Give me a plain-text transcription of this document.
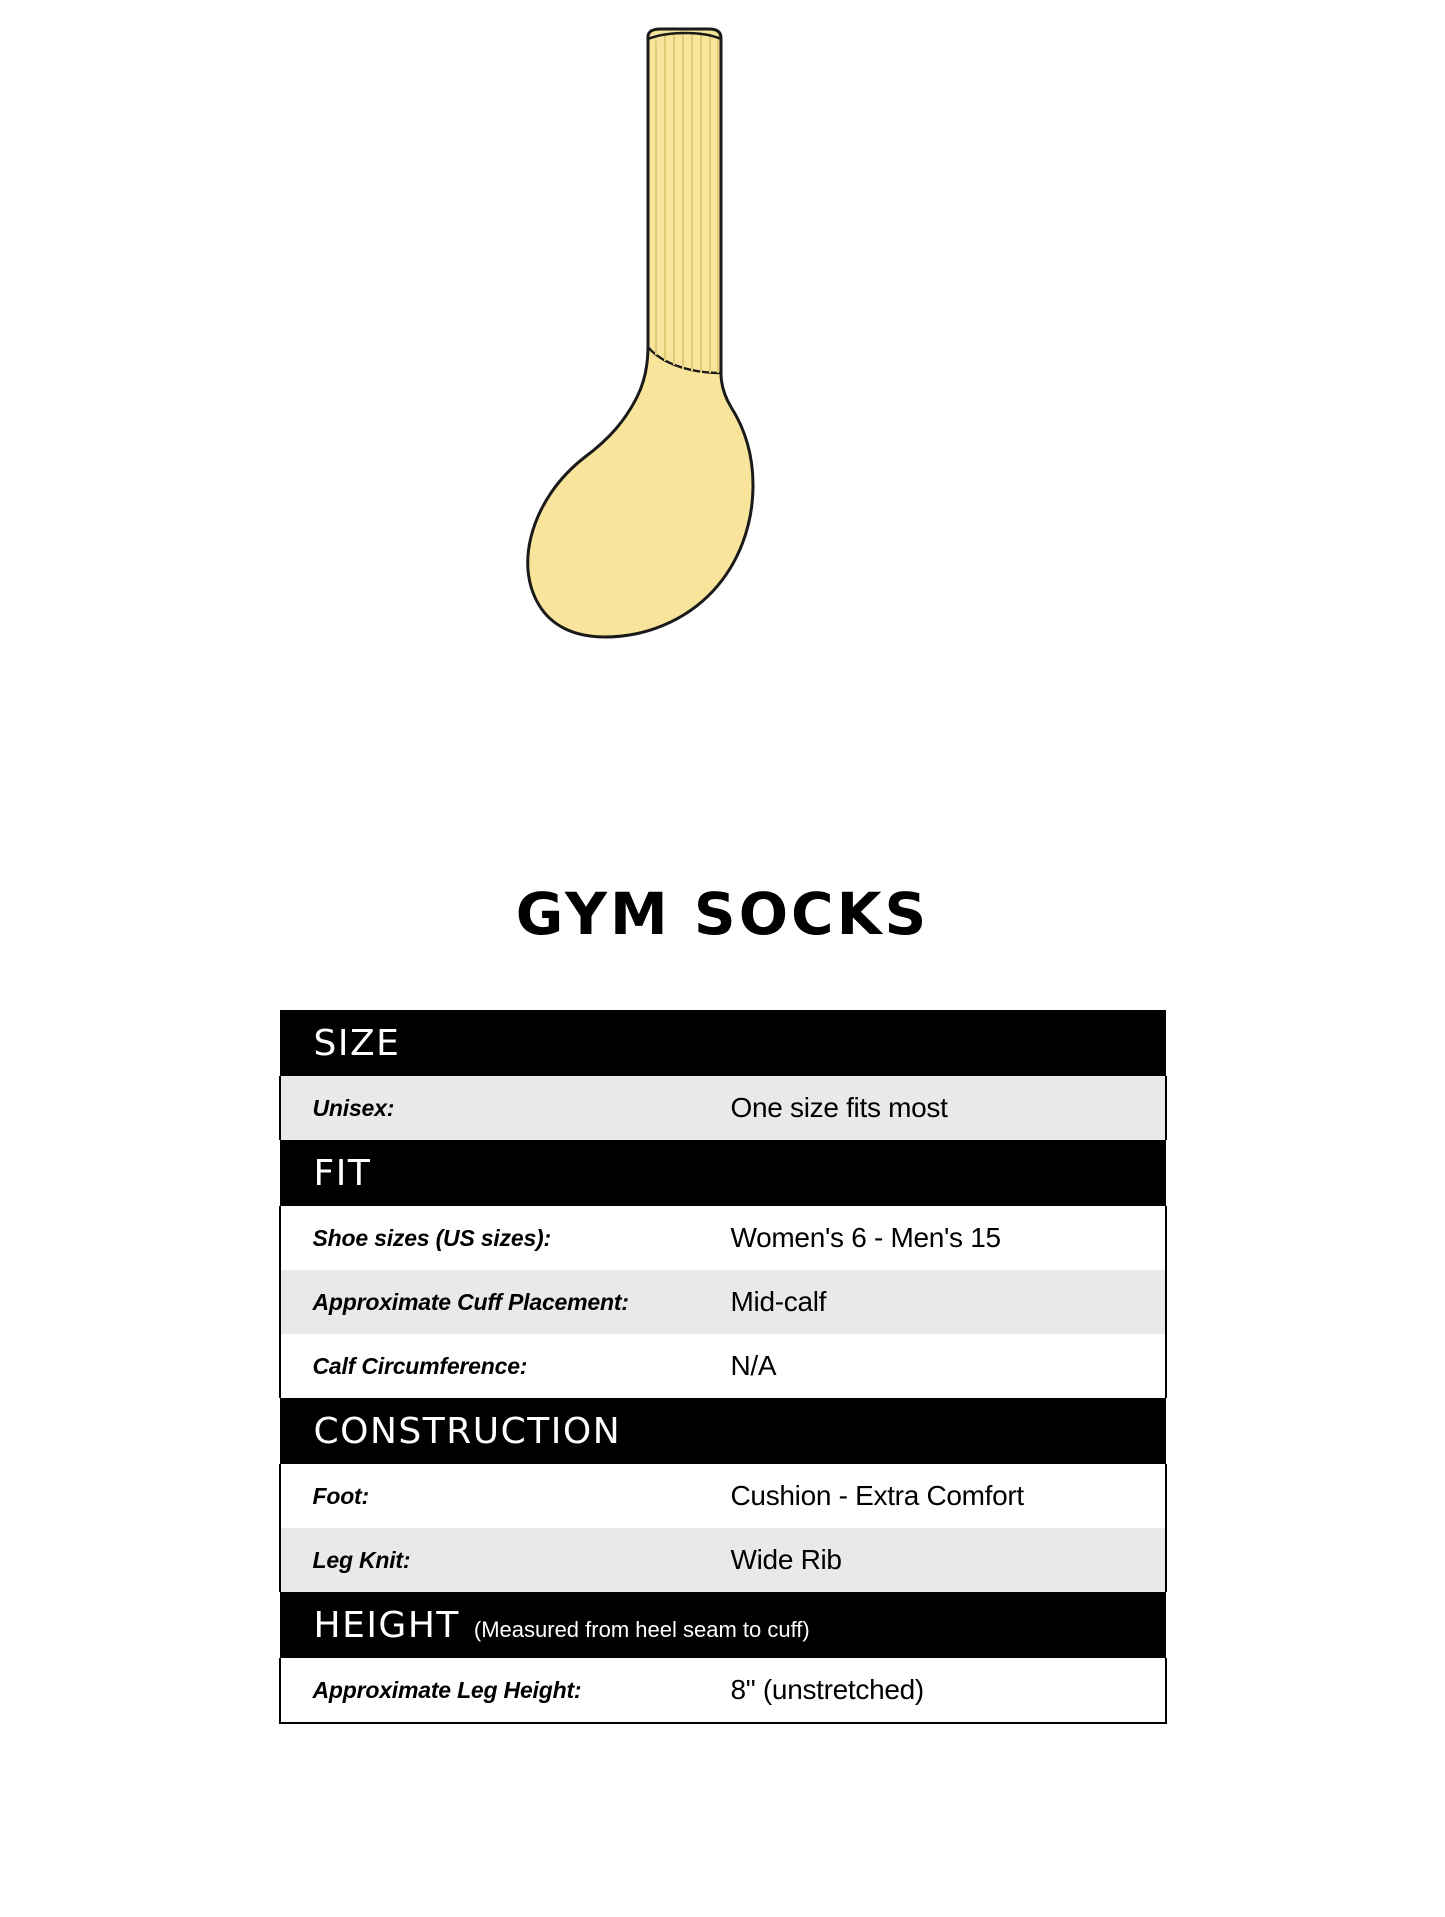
GYM SOCKS
SIZE	
Unisex:	One size fits most
FIT	
Shoe sizes (US sizes):	Women's 6 - Men's 15
Approximate Cuff Placement:	Mid-calf
Calf Circumference:	N/A
CONSTRUCTION	
Foot:	Cushion - Extra Comfort
Leg Knit:	Wide Rib
HEIGHT (Measured from heel seam to cuff)	
Approximate Leg Height:	8" (unstretched)
